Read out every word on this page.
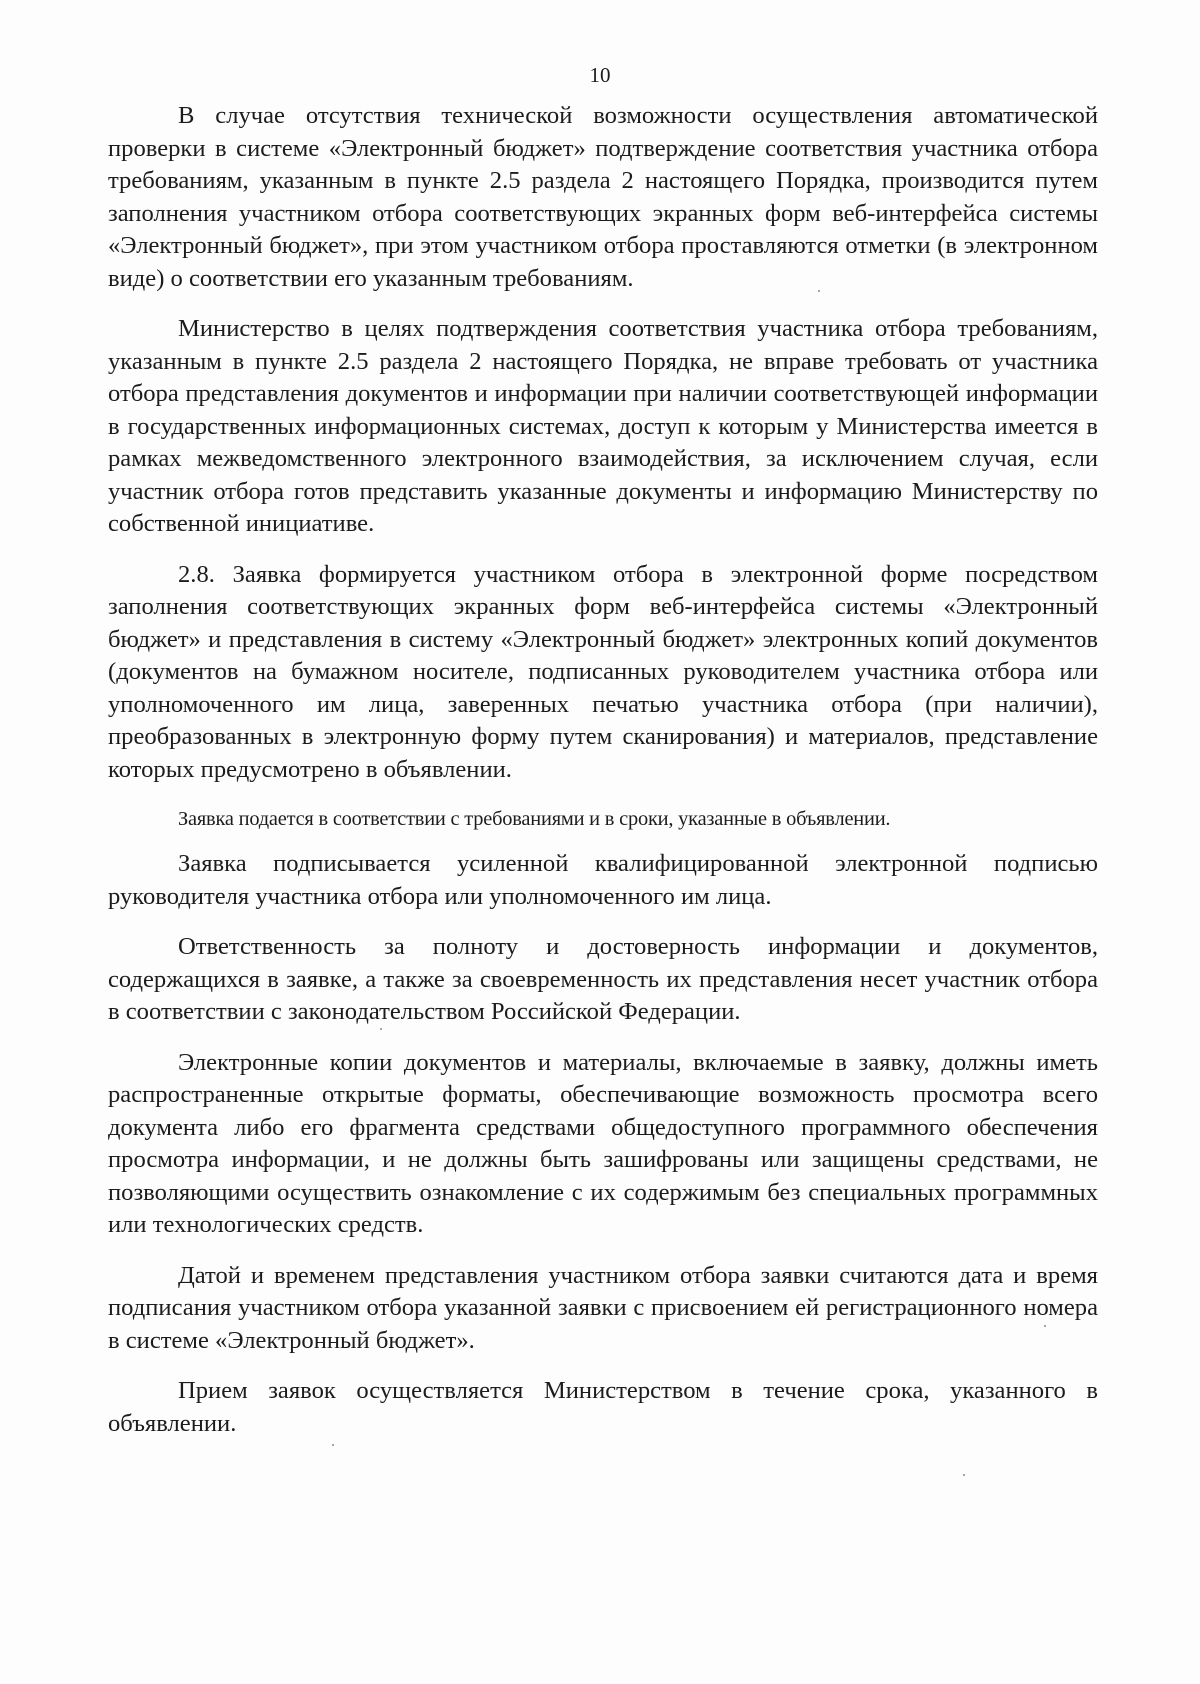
10

В случае отсутствия технической возможности осуществления автоматической проверки в системе «Электронный бюджет» подтверждение соответствия участника отбора требованиям, указанным в пункте 2.5 раздела 2 настоящего Порядка, производится путем заполнения участником отбора соответствующих экранных форм веб-интерфейса системы «Электронный бюджет», при этом участником отбора проставляются отметки (в электронном виде) о соответствии его указанным требованиям.

Министерство в целях подтверждения соответствия участника отбора требованиям, указанным в пункте 2.5 раздела 2 настоящего Порядка, не вправе требовать от участника отбора представления документов и информации при наличии соответствующей информации в государственных информационных системах, доступ к которым у Министерства имеется в рамках межведомственного электронного взаимодействия, за исключением случая, если участник отбора готов представить указанные документы и информацию Министерству по собственной инициативе.

2.8. Заявка формируется участником отбора в электронной форме посредством заполнения соответствующих экранных форм веб-интерфейса системы «Электронный бюджет» и представления в систему «Электронный бюджет» электронных копий документов (документов на бумажном носителе, подписанных руководителем участника отбора или уполномоченного им лица, заверенных печатью участника отбора (при наличии), преобразованных в электронную форму путем сканирования) и материалов, представление которых предусмотрено в объявлении.

Заявка подается в соответствии с требованиями и в сроки, указанные в объявлении.

Заявка подписывается усиленной квалифицированной электронной подписью руководителя участника отбора или уполномоченного им лица.

Ответственность за полноту и достоверность информации и документов, содержащихся в заявке, а также за своевременность их представления несет участник отбора в соответствии с законодательством Российской Федерации.

Электронные копии документов и материалы, включаемые в заявку, должны иметь распространенные открытые форматы, обеспечивающие возможность просмотра всего документа либо его фрагмента средствами общедоступного программного обеспечения просмотра информации, и не должны быть зашифрованы или защищены средствами, не позволяющими осуществить ознакомление с их содержимым без специальных программных или технологических средств.

Датой и временем представления участником отбора заявки считаются дата и время подписания участником отбора указанной заявки с присвоением ей регистрационного номера в системе «Электронный бюджет».

Прием заявок осуществляется Министерством в течение срока, указанного в объявлении.
